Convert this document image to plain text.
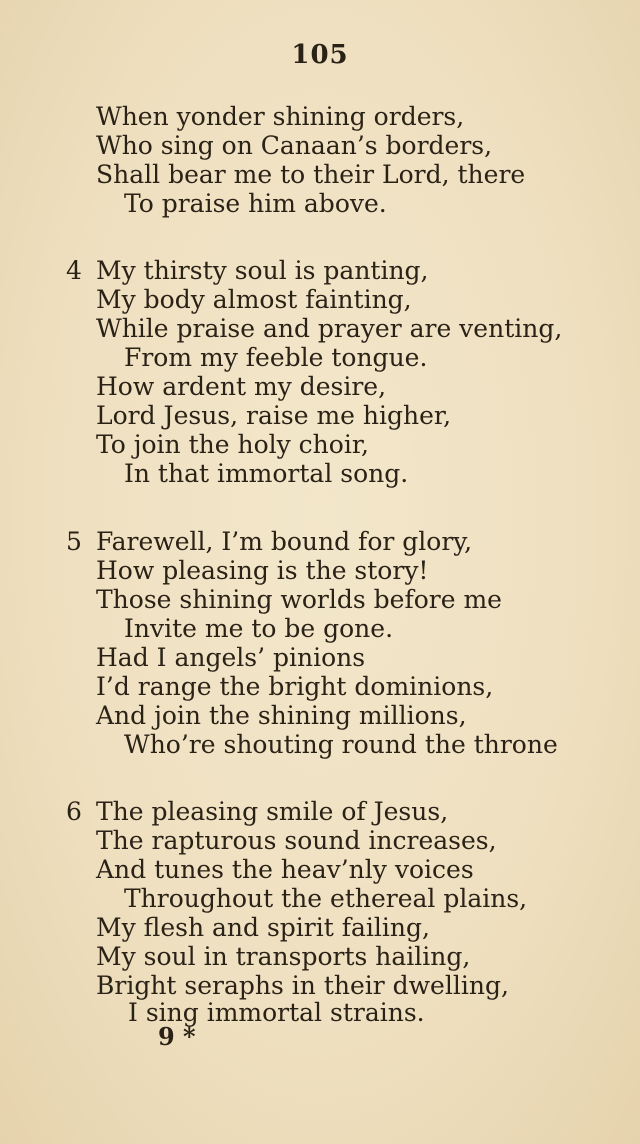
105
When yonder shining orders,
Who sing on Canaan’s borders,
Shall bear me to their Lord, there
To praise him above.
4 My thirsty soul is panting,
My body almost fainting,
While praise and prayer are venting,
From my feeble tongue.
How ardent my desire,
Lord Jesus, raise me higher,
To join the holy choir,
In that immortal song.
5 Farewell, I’m bound for glory,
How pleasing is the story!
Those shining worlds before me
Invite me to be gone.
Had I angels’ pinions
I’d range the bright dominions,
And join the shining millions,
Who’re shouting round the throne
6 The pleasing smile of Jesus,
The rapturous sound increases,
And tunes the heav’nly voices
Throughout the ethereal plains,
My flesh and spirit failing,
My soul in transports hailing,
Bright seraphs in their dwelling,
I sing immortal strains.
9 *
